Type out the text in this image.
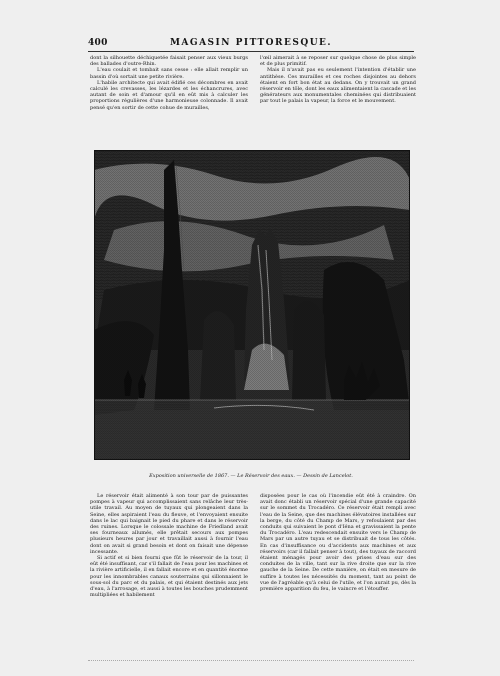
400	MAGASIN PITTORESQUE.

dont la silhouette déchiquetée faisait penser aux vieux burgs des ballades d'outre-Rhin.

L'eau coulait et tombait sans cesse : elle allait remplir un bassin d'où sortait une petite rivière.

L'habile architecte qui avait édifié ces décombres en avait calculé les crevasses, les lézardes et les échancrures, avec autant de soin et d'amour qu'il en eût mis à calculer les proportions régulières d'une harmonieuse colonnade. Il avait pensé qu'en sortir de cette cohue de murailles,

l'œil aimerait à se reposer sur quelque chose de plus simple et de plus primitif.

Mais il n'avait pas eu seulement l'intention d'établir une antithèse. Ces murailles et ces roches disjointes au dehors étaient en fort bon état au dedans. On y trouvait un grand réservoir en tôle, dont les eaux alimentaient la cascade et les générateurs aux monumentales cheminées qui distribuaient par tout le palais la vapeur, la force et le mouvement.

Exposition universelle de 1867. — Le Réservoir des eaux. — Dessin de Lancelot.

Le réservoir était alimenté à son tour par de puissantes pompes à vapeur qui accomplissaient sans relâche leur très-utile travail. Au moyen de tuyaux qui plongeaient dans la Seine, elles aspiraient l'eau du fleuve, et l'envoyaient ensuite dans le lac qui baignait le pied du phare et dans le réservoir des ruines. Lorsque le colossale machine de Friedland avait ses fourneaux allumés, elle prêtait secours aux pompes plusieurs heures par jour et travaillait aussi à fournir l'eau dont on avait si grand besoin et dont on faisait une dépense incessante.

Si actif et si bien fourni que fût le réservoir de la tour, il eût été insuffisant, car s'il fallait de l'eau pour les machines et la rivière artificielle, il en fallait encore et en quantité énorme pour les innombrables canaux souterrains qui sillonnaient le sous-sol du parc et du palais, et qui étaient destinés aux jets d'eau, à l'arrosage, et aussi à toutes les bouches prudemment multipliées et habilement

disposées pour le cas où l'incendie eût été à craindre. On avait donc établi un réservoir spécial d'une grande capacité sur le sommet du Trocadéro. Ce réservoir était rempli avec l'eau de la Seine, que des machines élévatoires installées sur la berge, du côté du Champ de Mars, y refoulaient par des conduits qui suivaient le pont d'Iéna et gravissaient la pente du Trocadéro. L'eau redescendait ensuite vers le Champ de Mars par un autre tuyau et se distribuait de tous les côtés. En cas d'insuffisance ou d'accidents aux machines et aux réservoirs (car il fallait penser à tout), des tuyaux de raccord étaient ménagés pour avoir des prises d'eau sur des conduites de la ville, tant sur la rive droite que sur la rive gauche de la Seine. De cette manière, on était en mesure de suffire à toutes les nécessités du moment, tant au point de vue de l'agréable qu'à celui de l'utile, et l'on aurait pu, dès la première apparition du feu, le vaincre et l'étouffer.
